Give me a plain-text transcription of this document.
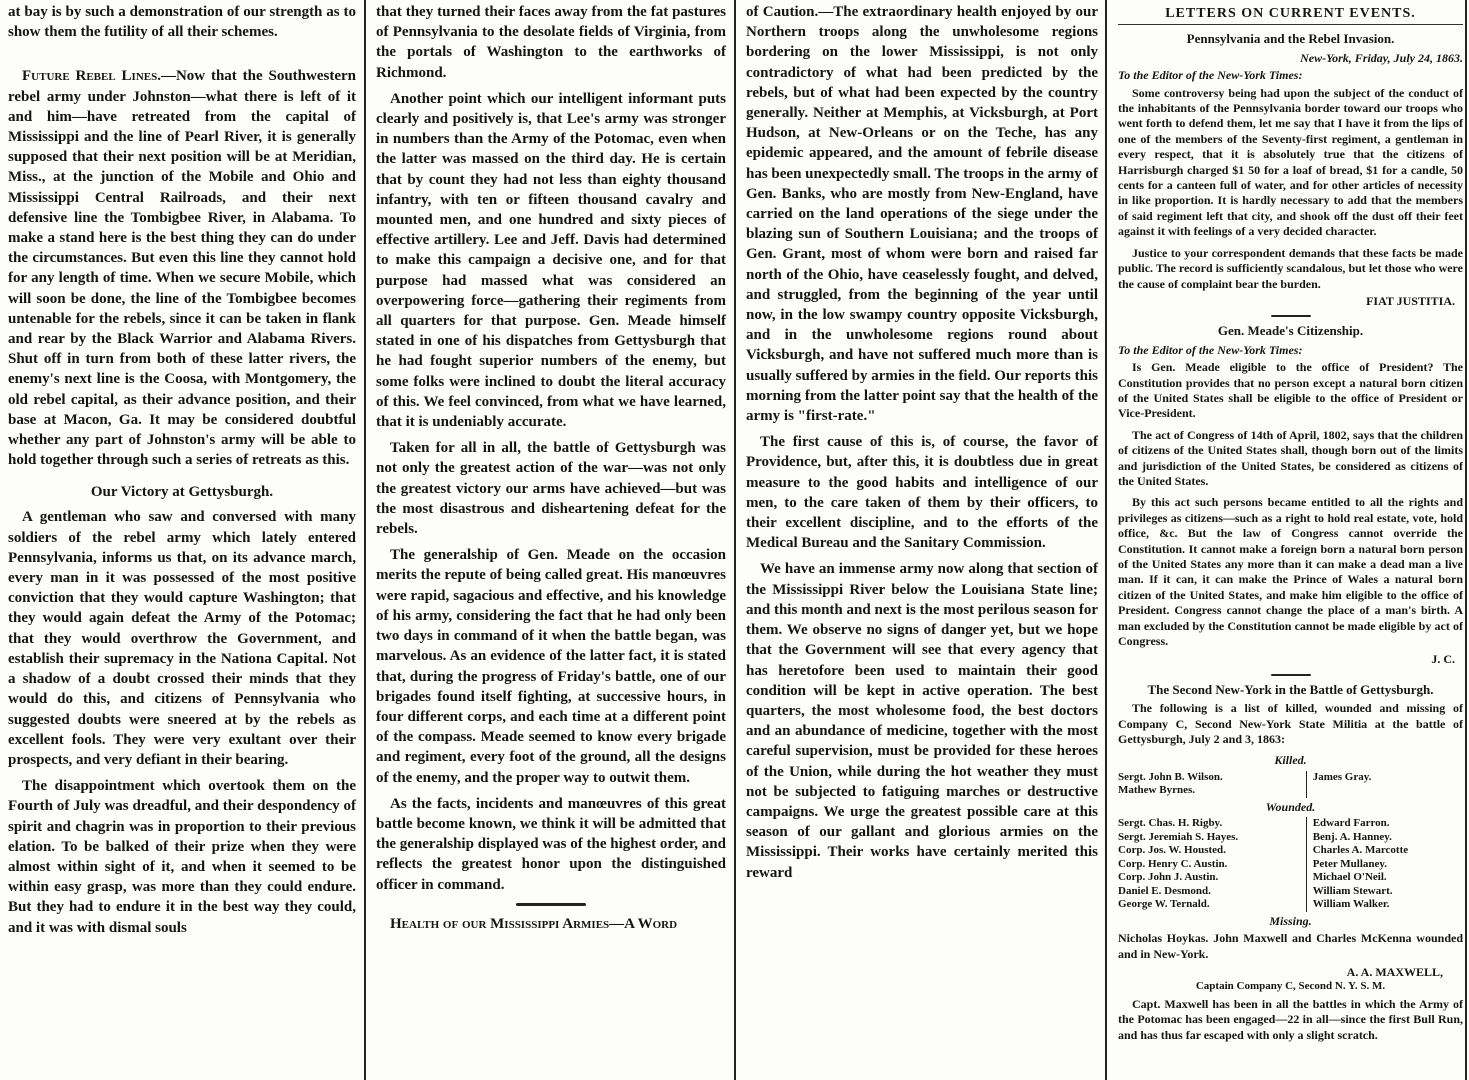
at bay is by such a demonstration of our strength as to show them the futility of all their schemes.

Future Rebel Lines.—Now that the Southwestern rebel army under Johnston—what there is left of it and him—have retreated from the capital of Mississippi and the line of Pearl River, it is generally supposed that their next position will be at Meridian, Miss., at the junction of the Mobile and Ohio and Mississippi Central Railroads, and their next defensive line the Tombigbee River, in Alabama. To make a stand here is the best thing they can do under the circumstances. But even this line they cannot hold for any length of time. When we secure Mobile, which will soon be done, the line of the Tombigbee becomes untenable for the rebels, since it can be taken in flank and rear by the Black Warrior and Alabama Rivers. Shut off in turn from both of these latter rivers, the enemy's next line is the Coosa, with Montgomery, the old rebel capital, as their advance position, and their base at Macon, Ga. It may be considered doubtful whether any part of Johnston's army will be able to hold together through such a series of retreats as this.

Our Victory at Gettysburgh.

A gentleman who saw and conversed with many soldiers of the rebel army which lately entered Pennsylvania, informs us that, on its advance march, every man in it was possessed of the most positive conviction that they would capture Washington; that they would again defeat the Army of the Potomac; that they would overthrow the Government, and establish their supremacy in the Nationa Capital. Not a shadow of a doubt crossed their minds that they would do this, and citizens of Pennsylvania who suggested doubts were sneered at by the rebels as excellent fools. They were very exultant over their prospects, and very defiant in their bearing.

The disappointment which overtook them on the Fourth of July was dreadful, and their despondency of spirit and chagrin was in proportion to their previous elation. To be balked of their prize when they were almost within sight of it, and when it seemed to be within easy grasp, was more than they could endure. But they had to endure it in the best way they could, and it was with dismal souls

that they turned their faces away from the fat pastures of Pennsylvania to the desolate fields of Virginia, from the portals of Washington to the earthworks of Richmond.

Another point which our intelligent informant puts clearly and positively is, that Lee's army was stronger in numbers than the Army of the Potomac, even when the latter was massed on the third day. He is certain that by count they had not less than eighty thousand infantry, with ten or fifteen thousand cavalry and mounted men, and one hundred and sixty pieces of effective artillery. Lee and Jeff. Davis had determined to make this campaign a decisive one, and for that purpose had massed what was considered an overpowering force—gathering their regiments from all quarters for that purpose. Gen. Meade himself stated in one of his dispatches from Gettysburgh that he had fought superior numbers of the enemy, but some folks were inclined to doubt the literal accuracy of this. We feel convinced, from what we have learned, that it is undeniably accurate.

Taken for all in all, the battle of Gettysburgh was not only the greatest action of the war—was not only the greatest victory our arms have achieved—but was the most disastrous and disheartening defeat for the rebels.

The generalship of Gen. Meade on the occasion merits the repute of being called great. His manœuvres were rapid, sagacious and effective, and his knowledge of his army, considering the fact that he had only been two days in command of it when the battle began, was marvelous. As an evidence of the latter fact, it is stated that, during the progress of Friday's battle, one of our brigades found itself fighting, at successive hours, in four different corps, and each time at a different point of the compass. Meade seemed to know every brigade and regiment, every foot of the ground, all the designs of the enemy, and the proper way to outwit them.

As the facts, incidents and manœuvres of this great battle become known, we think it will be admitted that the generalship displayed was of the highest order, and reflects the greatest honor upon the distinguished officer in command.

Health of our Mississippi Armies—A Word

of Caution.—The extraordinary health enjoyed by our Northern troops along the unwholesome regions bordering on the lower Mississippi, is not only contradictory of what had been predicted by the rebels, but of what had been expected by the country generally. Neither at Memphis, at Vicksburgh, at Port Hudson, at New-Orleans or on the Teche, has any epidemic appeared, and the amount of febrile disease has been unexpectedly small. The troops in the army of Gen. Banks, who are mostly from New-England, have carried on the land operations of the siege under the blazing sun of Southern Louisiana; and the troops of Gen. Grant, most of whom were born and raised far north of the Ohio, have ceaselessly fought, and delved, and struggled, from the beginning of the year until now, in the low swampy country opposite Vicksburgh, and in the unwholesome regions round about Vicksburgh, and have not suffered much more than is usually suffered by armies in the field. Our reports this morning from the latter point say that the health of the army is "first-rate."

The first cause of this is, of course, the favor of Providence, but, after this, it is doubtless due in great measure to the good habits and intelligence of our men, to the care taken of them by their officers, to their excellent discipline, and to the efforts of the Medical Bureau and the Sanitary Commission.

We have an immense army now along that section of the Mississippi River below the Louisiana State line; and this month and next is the most perilous season for them. We observe no signs of danger yet, but we hope that the Government will see that every agency that has heretofore been used to maintain their good condition will be kept in active operation. The best quarters, the most wholesome food, the best doctors and an abundance of medicine, together with the most careful supervision, must be provided for these heroes of the Union, while during the hot weather they must not be subjected to fatiguing marches or destructive campaigns. We urge the greatest possible care at this season of our gallant and glorious armies on the Mississippi. Their works have certainly merited this reward

LETTERS ON CURRENT EVENTS.
Pennsylvania and the Rebel Invasion.
New-York, Friday, July 24, 1863.
To the Editor of the New-York Times:

Some controversy being had upon the subject of the conduct of the inhabitants of the Pennsylvania border toward our troops who went forth to defend them, let me say that I have it from the lips of one of the members of the Seventy-first regiment, a gentleman in every respect, that it is absolutely true that the citizens of Harrisburgh charged $1 50 for a loaf of bread, $1 for a candle, 50 cents for a canteen full of water, and for other articles of necessity in like proportion. It is hardly necessary to add that the members of said regiment left that city, and shook off the dust off their feet against it with feelings of a very decided character.

Justice to your correspondent demands that these facts be made public. The record is sufficiently scandalous, but let those who were the cause of complaint bear the burden.

FIAT JUSTITIA.
Gen. Meade's Citizenship.
To the Editor of the New-York Times:

Is Gen. Meade eligible to the office of President? The Constitution provides that no person except a natural born citizen of the United States shall be eligible to the office of President or Vice-President.

The act of Congress of 14th of April, 1802, says that the children of citizens of the United States shall, though born out of the limits and jurisdiction of the United States, be considered as citizens of the United States.

By this act such persons became entitled to all the rights and privileges as citizens—such as a right to hold real estate, vote, hold office, &c. But the law of Congress cannot override the Constitution. It cannot make a foreign born a natural born person of the United States any more than it can make a dead man a live man. If it can, it can make the Prince of Wales a natural born citizen of the United States, and make him eligible to the office of President. Congress cannot change the place of a man's birth. A man excluded by the Constitution cannot be made eligible by act of Congress.

J. C.
The Second New-York in the Battle of Gettysburgh.

The following is a list of killed, wounded and missing of Company C, Second New-York State Militia at the battle of Gettysburgh, July 2 and 3, 1863:

Killed.
Sergt. John B. Wilson.
Mathew Byrnes.
James Gray.
Wounded.
Sergt. Chas. H. Rigby.
Sergt. Jeremiah S. Hayes.
Corp. Jos. W. Housted.
Corp. Henry C. Austin.
Corp. John J. Austin.
Daniel E. Desmond.
George W. Ternald.
Edward Farron.
Benj. A. Hanney.
Charles A. Marcotte
Peter Mullaney.
Michael O'Neil.
William Stewart.
William Walker.
Missing.

Nicholas Hoykas. John Maxwell and Charles McKenna wounded and in New-York.

A. A. MAXWELL,
Captain Company C, Second N. Y. S. M.

Capt. Maxwell has been in all the battles in which the Army of the Potomac has been engaged—22 in all—since the first Bull Run, and has thus far escaped with only a slight scratch.
